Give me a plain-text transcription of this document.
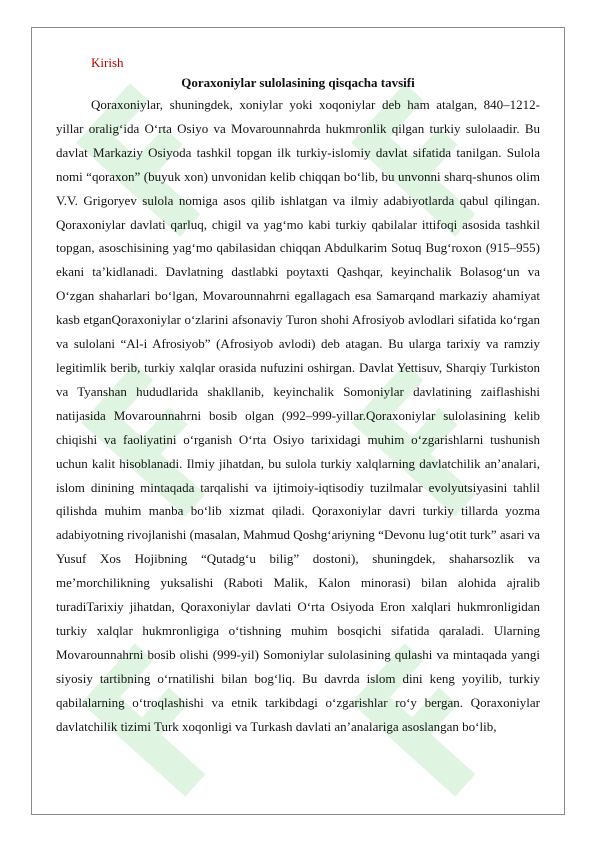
Kirish
Qoraxoniylar sulolasining qisqacha tavsifi

Qoraxoniylar, shuningdek, xoniylar yoki xoqoniylar deb ham atalgan, 840–1212-yillar oralig‘ida O‘rta Osiyo va Movarounnahrda hukmronlik qilgan turkiy sulolaadir. Bu davlat Markaziy Osiyoda tashkil topgan ilk turkiy-islomiy davlat sifatida tanilgan. Sulola nomi “qoraxon” (buyuk xon) unvonidan kelib chiqqan bo‘lib, bu unvonni sharq-shunos olim V.V. Grigoryev sulola nomiga asos qilib ishlatgan va ilmiy adabiyotlarda qabul qilingan. Qoraxoniylar davlati qarluq, chigil va yag‘mo kabi turkiy qabilalar ittifoqi asosida tashkil topgan, asoschisining yag‘mo qabilasidan chiqqan Abdulkarim Sotuq Bug‘roxon (915–955) ekani ta’kidlanadi. Davlatning dastlabki poytaxti Qashqar, keyinchalik Bolasog‘un va O‘zgan shaharlari bo‘lgan, Movarounnahrni egallagach esa Samarqand markaziy ahamiyat kasb etganQoraxoniylar o‘zlarini afsonaviy Turon shohi Afrosiyob avlodlari sifatida ko‘rgan va sulolani “Al-i Afrosiyob” (Afrosiyob avlodi) deb atagan. Bu ularga tarixiy va ramziy legitimlik berib, turkiy xalqlar orasida nufuzini oshirgan. Davlat Yettisuv, Sharqiy Turkiston va Tyanshan hududlarida shakllanib, keyinchalik Somoniylar davlatining zaiflashishi natijasida Movarounnahrni bosib olgan (992–999-yillar.Qoraxoniylar sulolasining kelib chiqishi va faoliyatini o‘rganish O‘rta Osiyo tarixidagi muhim o‘zgarishlarni tushunish uchun kalit hisoblanadi. Ilmiy jihatdan, bu sulola turkiy xalqlarning davlatchilik an’analari, islom dinining mintaqada tarqalishi va ijtimoiy-iqtisodiy tuzilmalar evolyutsiyasini tahlil qilishda muhim manba bo‘lib xizmat qiladi. Qoraxoniylar davri turkiy tillarda yozma adabiyotning rivojlanishi (masalan, Mahmud Qoshg‘ariyning “Devonu lug‘otit turk” asari va Yusuf Xos Hojibning “Qutadg‘u bilig” dostoni), shuningdek, shaharsozlik va me’morchilikning yuksalishi (Raboti Malik, Kalon minorasi) bilan alohida ajralib turadiTarixiy jihatdan, Qoraxoniylar davlati O‘rta Osiyoda Eron xalqlari hukmronligidan turkiy xalqlar hukmronligiga o‘tishning muhim bosqichi sifatida qaraladi. Ularning Movarounnahrni bosib olishi (999-yil) Somoniylar sulolasining qulashi va mintaqada yangi siyosiy tartibning o‘rnatilishi bilan bog‘liq. Bu davrda islom dini keng yoyilib, turkiy qabilalarning o‘troqlashishi va etnik tarkibdagi o‘zgarishlar ro‘y bergan. Qoraxoniylar davlatchilik tizimi Turk xoqonligi va Turkash davlati an’analariga asoslangan bo‘lib,
